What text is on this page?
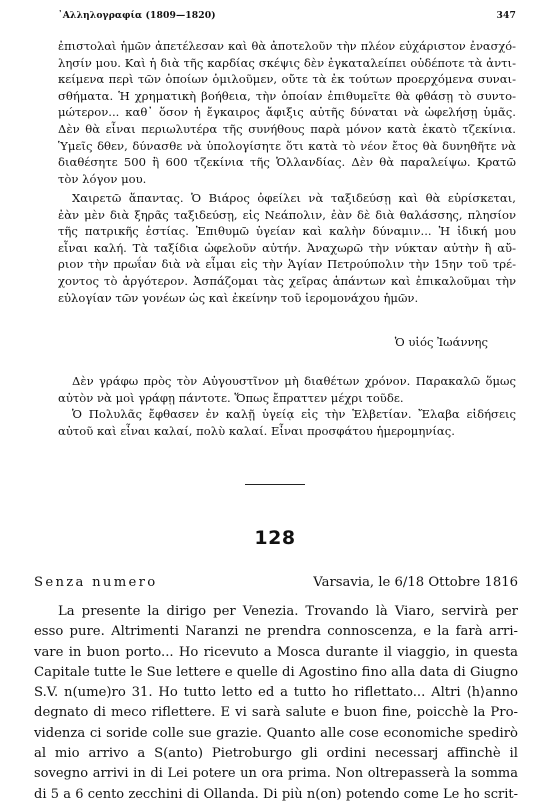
᾿Αλληλογραφία (1809—1820)	347
ἐπιστολαὶ ἡμῶν ἀπετέλεσαν καὶ θὰ ἀποτελοῦν τὴν πλέον εὐχάριστον ἐνασχό-
λησίν μου. Καὶ ἡ διὰ τῆς καρδίας σκέψις δὲν ἐγκαταλείπει οὐδέποτε τὰ ἀντι-
κείμενα περὶ τῶν ὁποίων ὁμιλοῦμεν, οὔτε τὰ ἐκ τούτων προερχόμενα συναι-
σθήματα. Ἡ χρηματικὴ βοήθεια, τὴν ὁποίαν ἐπιθυμεῖτε θὰ φθάσῃ τὸ συντο-
μώτερον... καθ᾿ ὅσον ἡ ἔγκαιρος ἄφιξις αὐτῆς δύναται νὰ ὠφελήσῃ ὑμᾶς.
Δὲν θὰ εἶναι περιωλυτέρα τῆς συνήθους παρὰ μόνον κατὰ ἑκατὸ τζεκίνια.
Ὑμεῖς δθεν, δύνασθε νὰ ὑπολογίσητε ὅτι κατὰ τὸ νέον ἔτος θὰ δυνηθῆτε νὰ
διαθέσητε 500 ἢ 600 τζεκίνια τῆς Ὁλλανδίας. Δὲν θὰ παραλείψω. Κρατῶ
τὸν λόγον μου.
Χαιρετῶ ἅπαντας. Ὁ Βιάρος ὀφείλει νὰ ταξιδεύσῃ καὶ θὰ εὑρίσκεται,
ἐὰν μὲν διὰ ξηρᾶς ταξιδεύσῃ, εἰς Νεάπολιν, ἐὰν δὲ διὰ θαλάσσης, πλησίον
τῆς πατρικῆς ἑστίας. Ἐπιθυμῶ ὑγείαν καὶ καλὴν δύναμιν... Ἡ ἰδική μου
εἶναι καλή. Τὰ ταξίδια ὠφελοῦν αὐτήν. Ἀναχωρῶ τὴν νύκταν αὐτὴν ἢ αὔ-
ριον τὴν πρωΐαν διὰ νὰ εἶμαι εἰς τὴν Ἁγίαν Πετρούπολιν τὴν 15ην τοῦ τρέ-
χοντος τὸ ἀργότερον. Ἀσπάζομαι τὰς χεῖρας ἁπάντων καὶ ἐπικαλοῦμαι τὴν
εὐλογίαν τῶν γονέων ὡς καὶ ἐκείνην τοῦ ἱερομονάχου ἡμῶν.
Ὁ υἱός Ἰωάννης
Δὲν γράφω πρὸς τὸν Αὐγουστῖνον μὴ διαθέτων χρόνον. Παρακαλῶ ὅμως
αὐτὸν νὰ μοὶ γράφῃ πάντοτε. Ὅπως ἔπραττεν μέχρι τοῦδε.
Ὁ Πολυλᾶς ἔφθασεν ἐν καλῇ ὑγείᾳ εἰς τὴν Ἑλβετίαν. Ἔλαβα εἰδήσεις
αὐτοῦ καὶ εἶναι καλαί, πολὺ καλαί. Εἶναι προσφάτου ἡμερομηνίας.
128
Senza numero	Varsavia, le 6/18 Ottobre 1816
La presente la dirigo per Venezia. Trovando là Viaro, servirà per
esso pure. Altrimenti Naranzi ne prendra connoscenza, e la farà arri-
vare in buon porto... Ho ricevuto a Mosca durante il viaggio, in questa
Capitale tutte le Sue lettere e quelle di Agostino fino alla data di Giugno
S.V. n(ume)ro 31. Ho tutto letto ed a tutto ho riflettato... Altri ⟨h⟩anno
degnato di meco riflettere. E vi sarà salute e buon fine, poicchè la Pro-
videnza ci soride colle sue grazie. Quanto alle cose economiche spedirò
al mio arrivo a S(anto) Pietroburgo gli ordini necessarj affinchè il
sovegno arrivi in di Lei potere un ora prima. Non oltrepasserà la somma
di 5 a 6 cento zecchini di Ollanda. Di più n(on) potendo come Le ho scrit-
